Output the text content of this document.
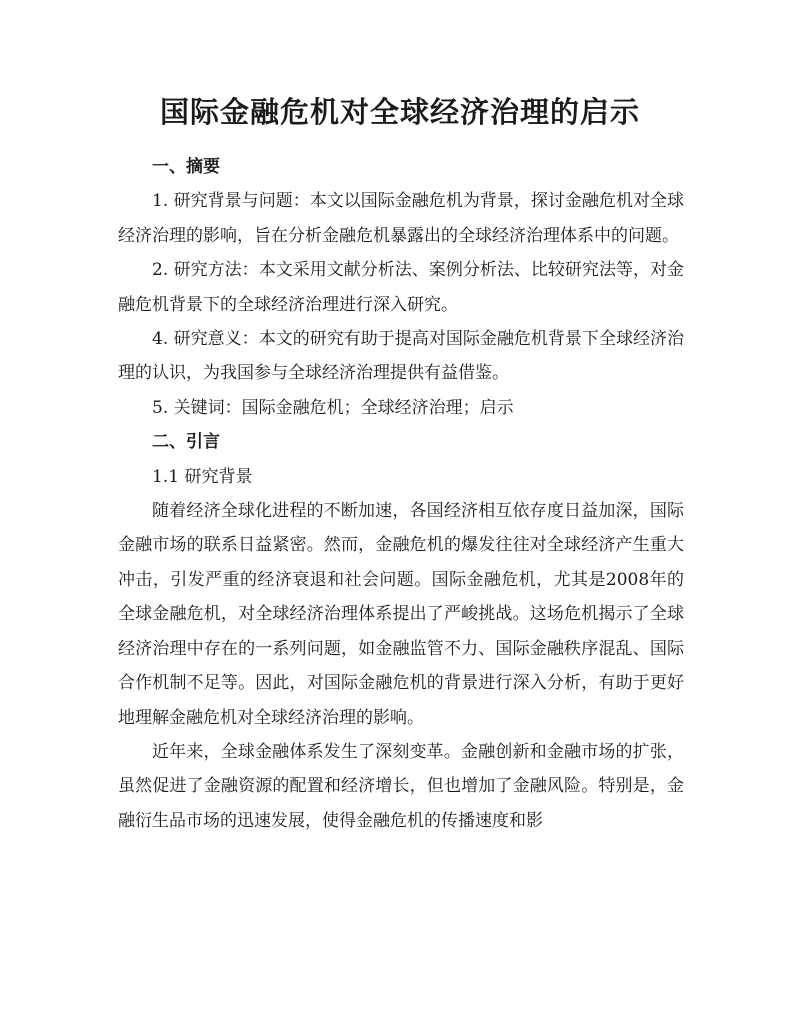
国际金融危机对全球经济治理的启示

一、摘要

1. 研究背景与问题：本文以国际金融危机为背景，探讨金融危机对全球经济治理的影响，旨在分析金融危机暴露出的全球经济治理体系中的问题。

2. 研究方法：本文采用文献分析法、案例分析法、比较研究法等，对金融危机背景下的全球经济治理进行深入研究。

4. 研究意义：本文的研究有助于提高对国际金融危机背景下全球经济治理的认识，为我国参与全球经济治理提供有益借鉴。

5. 关键词：国际金融危机；全球经济治理；启示

二、引言

1.1 研究背景

随着经济全球化进程的不断加速，各国经济相互依存度日益加深，国际金融市场的联系日益紧密。然而，金融危机的爆发往往对全球经济产生重大冲击，引发严重的经济衰退和社会问题。国际金融危机，尤其是2008年的全球金融危机，对全球经济治理体系提出了严峻挑战。这场危机揭示了全球经济治理中存在的一系列问题，如金融监管不力、国际金融秩序混乱、国际合作机制不足等。因此，对国际金融危机的背景进行深入分析，有助于更好地理解金融危机对全球经济治理的影响。

近年来，全球金融体系发生了深刻变革。金融创新和金融市场的扩张，虽然促进了金融资源的配置和经济增长，但也增加了金融风险。特别是，金融衍生品市场的迅速发展，使得金融危机的传播速度和影
